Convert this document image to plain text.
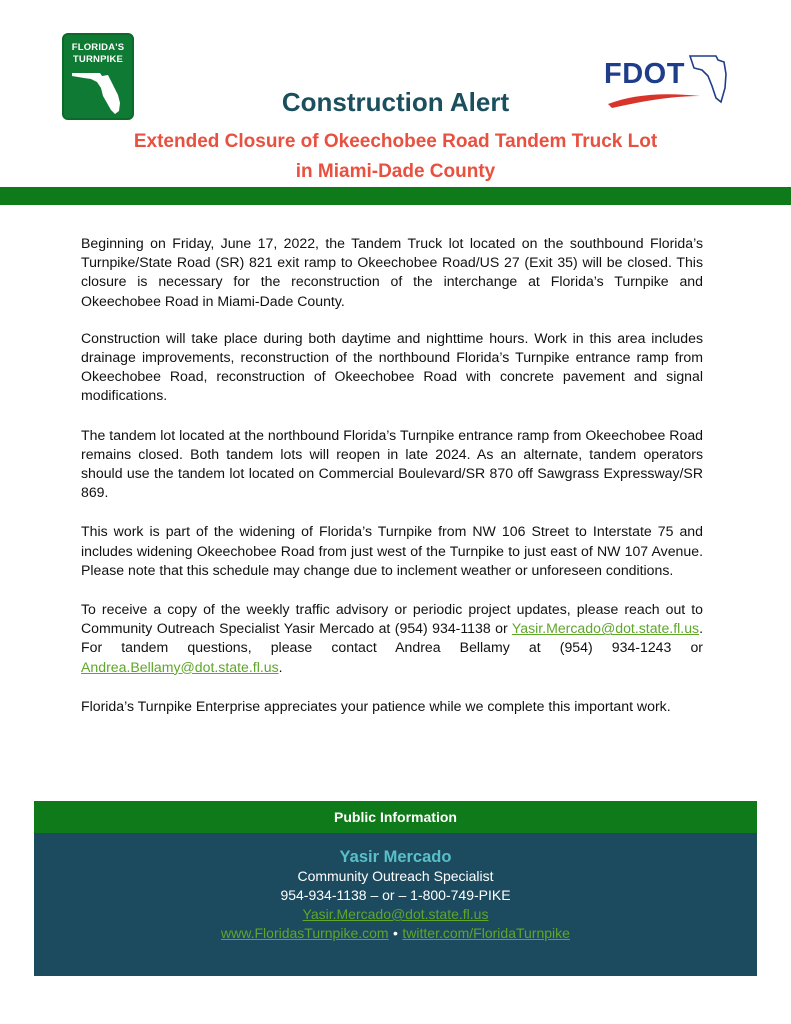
FLORIDA'S
TURNPIKE	FDOT
Construction Alert
Extended Closure of Okeechobee Road Tandem Truck Lot
in Miami-Dade County

Beginning on Friday, June 17, 2022, the Tandem Truck lot located on the southbound Florida’s Turnpike/State Road (SR) 821 exit ramp to Okeechobee Road/US 27 (Exit 35) will be closed. This closure is necessary for the reconstruction of the interchange at Florida’s Turnpike and Okeechobee Road in Miami-Dade County.

Construction will take place during both daytime and nighttime hours. Work in this area includes drainage improvements, reconstruction of the northbound Florida’s Turnpike entrance ramp from Okeechobee Road, reconstruction of Okeechobee Road with concrete pavement and signal modifications.

The tandem lot located at the northbound Florida’s Turnpike entrance ramp from Okeechobee Road remains closed. Both tandem lots will reopen in late 2024. As an alternate, tandem operators should use the tandem lot located on Commercial Boulevard/SR 870 off Sawgrass Expressway/SR 869.

This work is part of the widening of Florida’s Turnpike from NW 106 Street to Interstate 75 and includes widening Okeechobee Road from just west of the Turnpike to just east of NW 107 Avenue. Please note that this schedule may change due to inclement weather or unforeseen conditions.

To receive a copy of the weekly traffic advisory or periodic project updates, please reach out to Community Outreach Specialist Yasir Mercado at (954) 934-1138 or Yasir.Mercado@dot.state.fl.us. For tandem questions, please contact Andrea Bellamy at (954) 934-1243 or Andrea.Bellamy@dot.state.fl.us.

Florida’s Turnpike Enterprise appreciates your patience while we complete this important work.

Public Information
Yasir Mercado
Community Outreach Specialist
954-934-1138 – or – 1-800-749-PIKE
Yasir.Mercado@dot.state.fl.us
www.FloridasTurnpike.com • twitter.com/FloridaTurnpike
